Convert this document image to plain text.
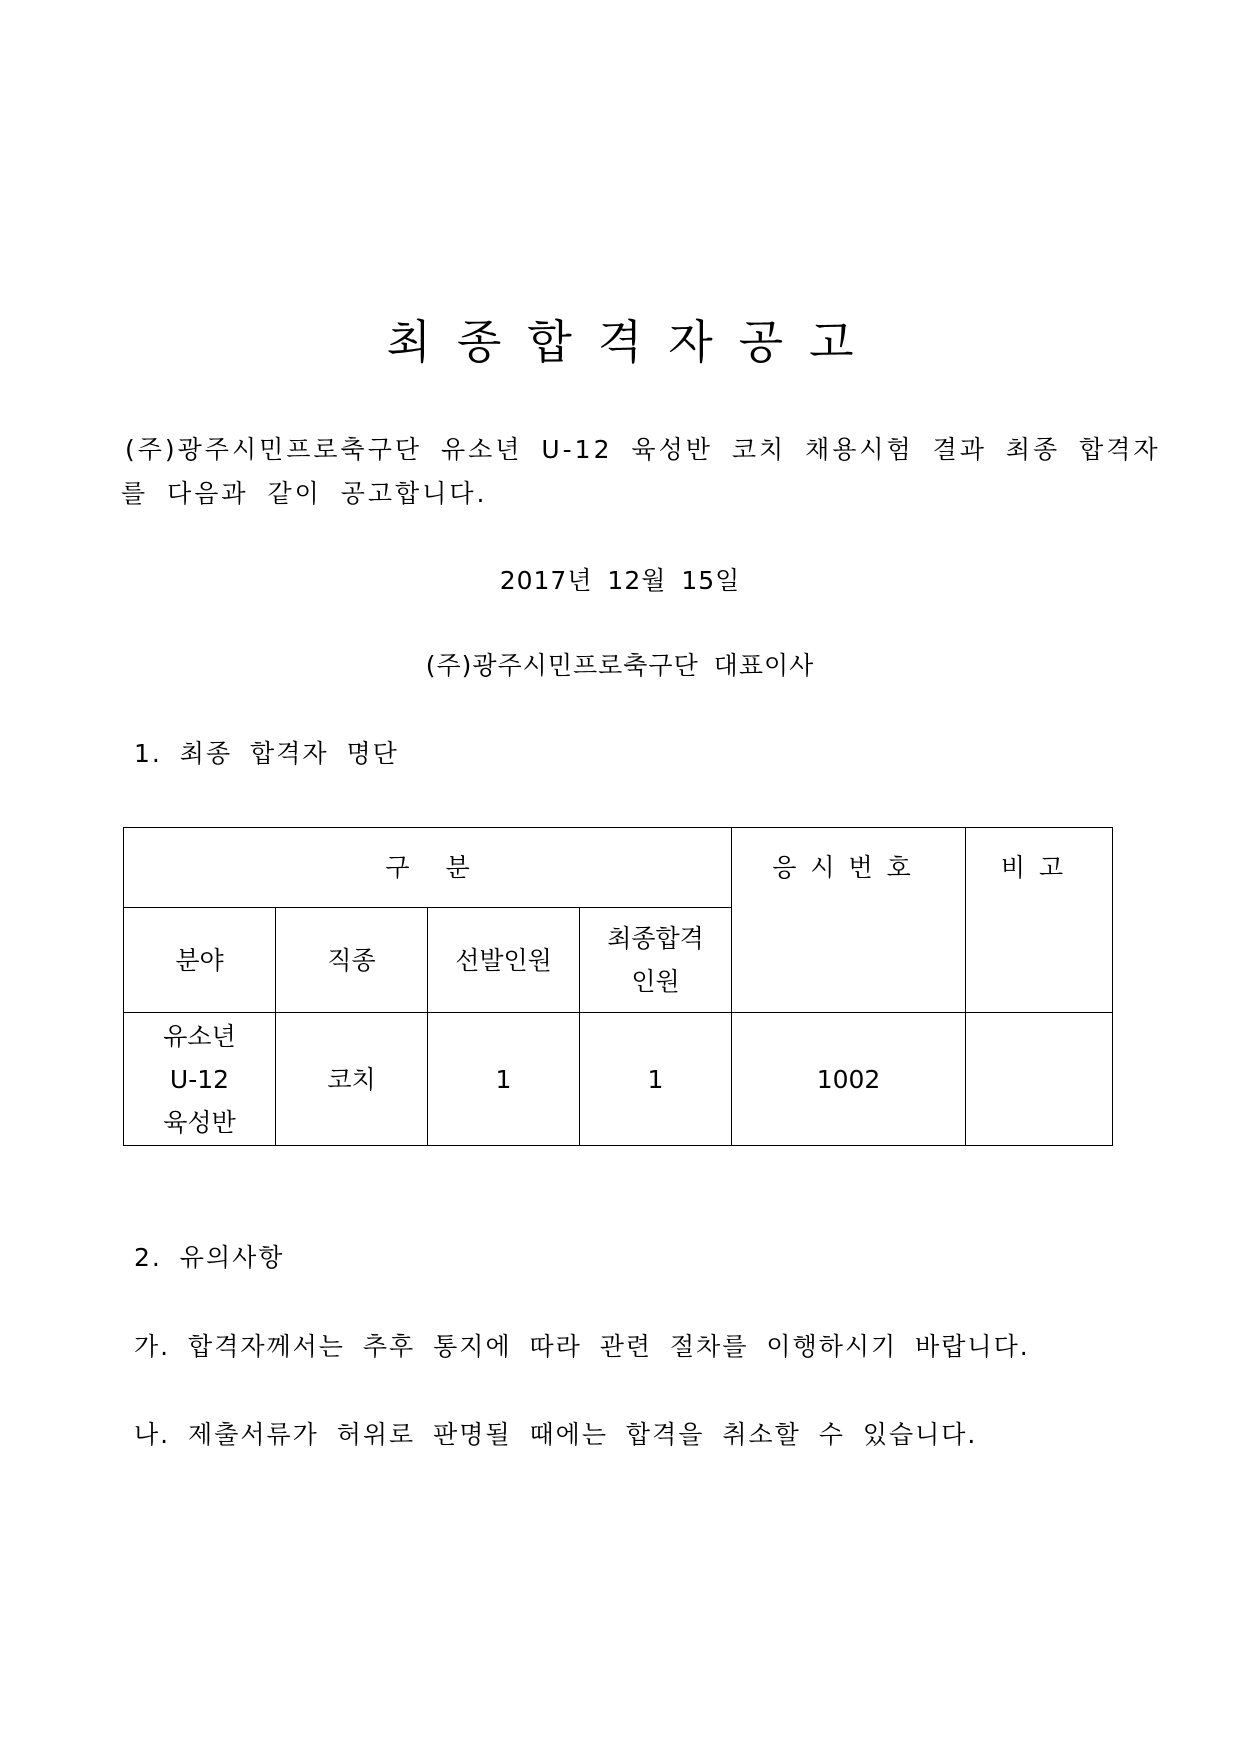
최종합격자공고
(주)광주시민프로축구단 유소년 U-12 육성반 코치 채용시험 결과 최종 합격자
를 다음과 같이 공고합니다.
2017년 12월 15일
(주)광주시민프로축구단 대표이사
1. 최종 합격자 명단
구 분				응시번호	비고
분야	직종	선발인원	최종합격
인원		

유소년
U-12
육성반	코치	1	1	1002	
2. 유의사항
가. 합격자께서는 추후 통지에 따라 관련 절차를 이행하시기 바랍니다.
나. 제출서류가 허위로 판명될 때에는 합격을 취소할 수 있습니다.
